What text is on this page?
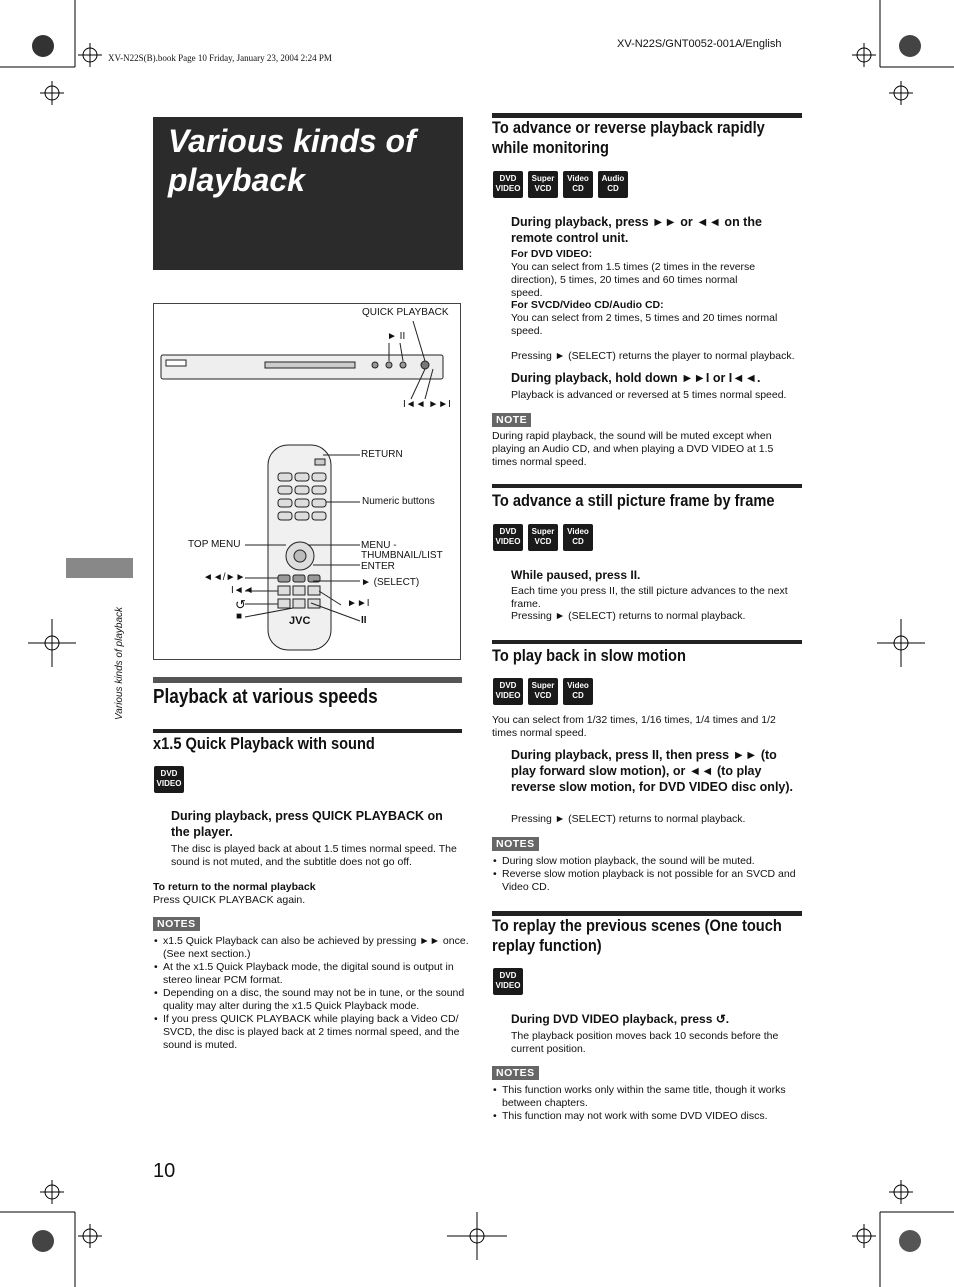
XV-N22S(B).book Page 10 Friday, January 23, 2004 2:24 PM
XV-N22S/GNT0052-001A/English
Various kinds of playback
Various kinds of playback
QUICK PLAYBACK
► II
I◄◄ ►►I
RETURN
Numeric buttons
TOP MENU	MENU -
THUMBNAIL/LIST
ENTER
► (SELECT)
◄◄/►►
I◄◄
↺
■
►►I
II
JVC
Playback at various speeds
x1.5 Quick Playback with sound
DVD
VIDEO
During playback, press QUICK PLAYBACK on the player.
The disc is played back at about 1.5 times normal speed. The sound is not muted, and the subtitle does not go off.
To return to the normal playback
Press QUICK PLAYBACK again.
NOTES
• x1.5 Quick Playback can also be achieved by pressing ►► once. (See next section.)
• At the x1.5 Quick Playback mode, the digital sound is output in stereo linear PCM format.
• Depending on a disc, the sound may not be in tune, or the sound quality may alter during the x1.5 Quick Playback mode.
• If you press QUICK PLAYBACK while playing back a Video CD/ SVCD, the disc is played back at 2 times normal speed, and the sound is muted.
10
To advance or reverse playback rapidly while monitoring
DVD
VIDEO
Super
VCD
Video
CD
Audio
CD
During playback, press ►► or ◄◄ on the remote control unit.
For DVD VIDEO:
You can select from 1.5 times (2 times in the reverse direction), 5 times, 20 times and 60 times normal speed.
For SVCD/Video CD/Audio CD:
You can select from 2 times, 5 times and 20 times normal speed.
Pressing ► (SELECT) returns the player to normal playback.
During playback, hold down ►►I or I◄◄.
Playback is advanced or reversed at 5 times normal speed.
NOTE
During rapid playback, the sound will be muted except when playing an Audio CD, and when playing a DVD VIDEO at 1.5 times normal speed.
To advance a still picture frame by frame
DVD
VIDEO
Super
VCD
Video
CD
While paused, press II.
Each time you press II, the still picture advances to the next frame.
Pressing ► (SELECT) returns to normal playback.
To play back in slow motion
DVD
VIDEO
Super
VCD
Video
CD
You can select from 1/32 times, 1/16 times, 1/4 times and 1/2 times normal speed.
During playback, press II, then press ►► (to play forward slow motion), or ◄◄ (to play reverse slow motion, for DVD VIDEO disc only).
Pressing ► (SELECT) returns to normal playback.
NOTES
• During slow motion playback, the sound will be muted.
• Reverse slow motion playback is not possible for an SVCD and Video CD.
To replay the previous scenes (One touch replay function)
DVD
VIDEO
During DVD VIDEO playback, press ↺.
The playback position moves back 10 seconds before the current position.
NOTES
• This function works only within the same title, though it works between chapters.
• This function may not work with some DVD VIDEO discs.
